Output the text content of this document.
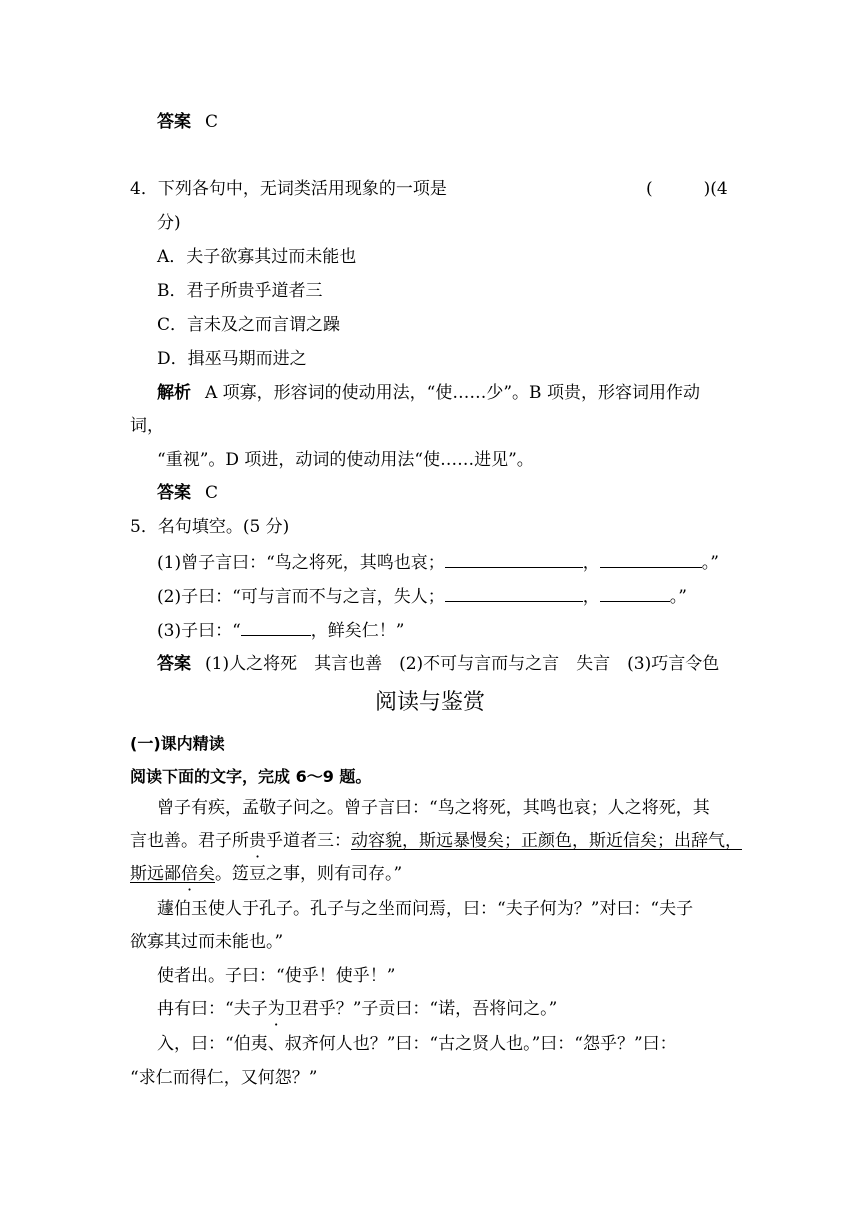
答案 C
4．下列各句中，无词类活用现象的一项是	(　　　)(4
分)
A．夫子欲寡其过而未能也
B．君子所贵乎道者三
C．言未及之而言谓之躁
D．揖巫马期而进之
解析 A 项寡，形容词的使动用法，“使……少”。B 项贵，形容词用作动
词，
“重视”。D 项进，动词的使动用法“使……进见”。
答案 C
5．名句填空。(5 分)
(1)曾子言曰：“鸟之将死，其鸣也哀；	，	。”
(2)子曰：“可与言而不与之言，失人；	，	。”
(3)子曰：“	，鲜矣仁！”
答案 (1)人之将死　其言也善　(2)不可与言而与之言　失言　(3)巧言令色
阅读与鉴赏
(一)课内精读
阅读下面的文字，完成 6～9 题。
曾子有疾，孟敬子问之。曾子言曰：“鸟之将死，其鸣也哀；人之将死，其
言也善。君子所贵乎道者三：动容貌，斯远暴慢矣；正颜色，斯近信矣；出辞气，
斯远鄙倍矣。笾豆之事，则有司存。”
蘧伯玉使人于孔子。孔子与之坐而问焉，曰：“夫子何为？”对曰：“夫子
欲寡其过而未能也。”
使者出。子曰：“使乎！使乎！”
冉有曰：“夫子为卫君乎？”子贡曰：“诺，吾将问之。”
入，曰：“伯夷、叔齐何人也？”曰：“古之贤人也。”曰：“怨乎？”曰：
“求仁而得仁，又何怨？”
